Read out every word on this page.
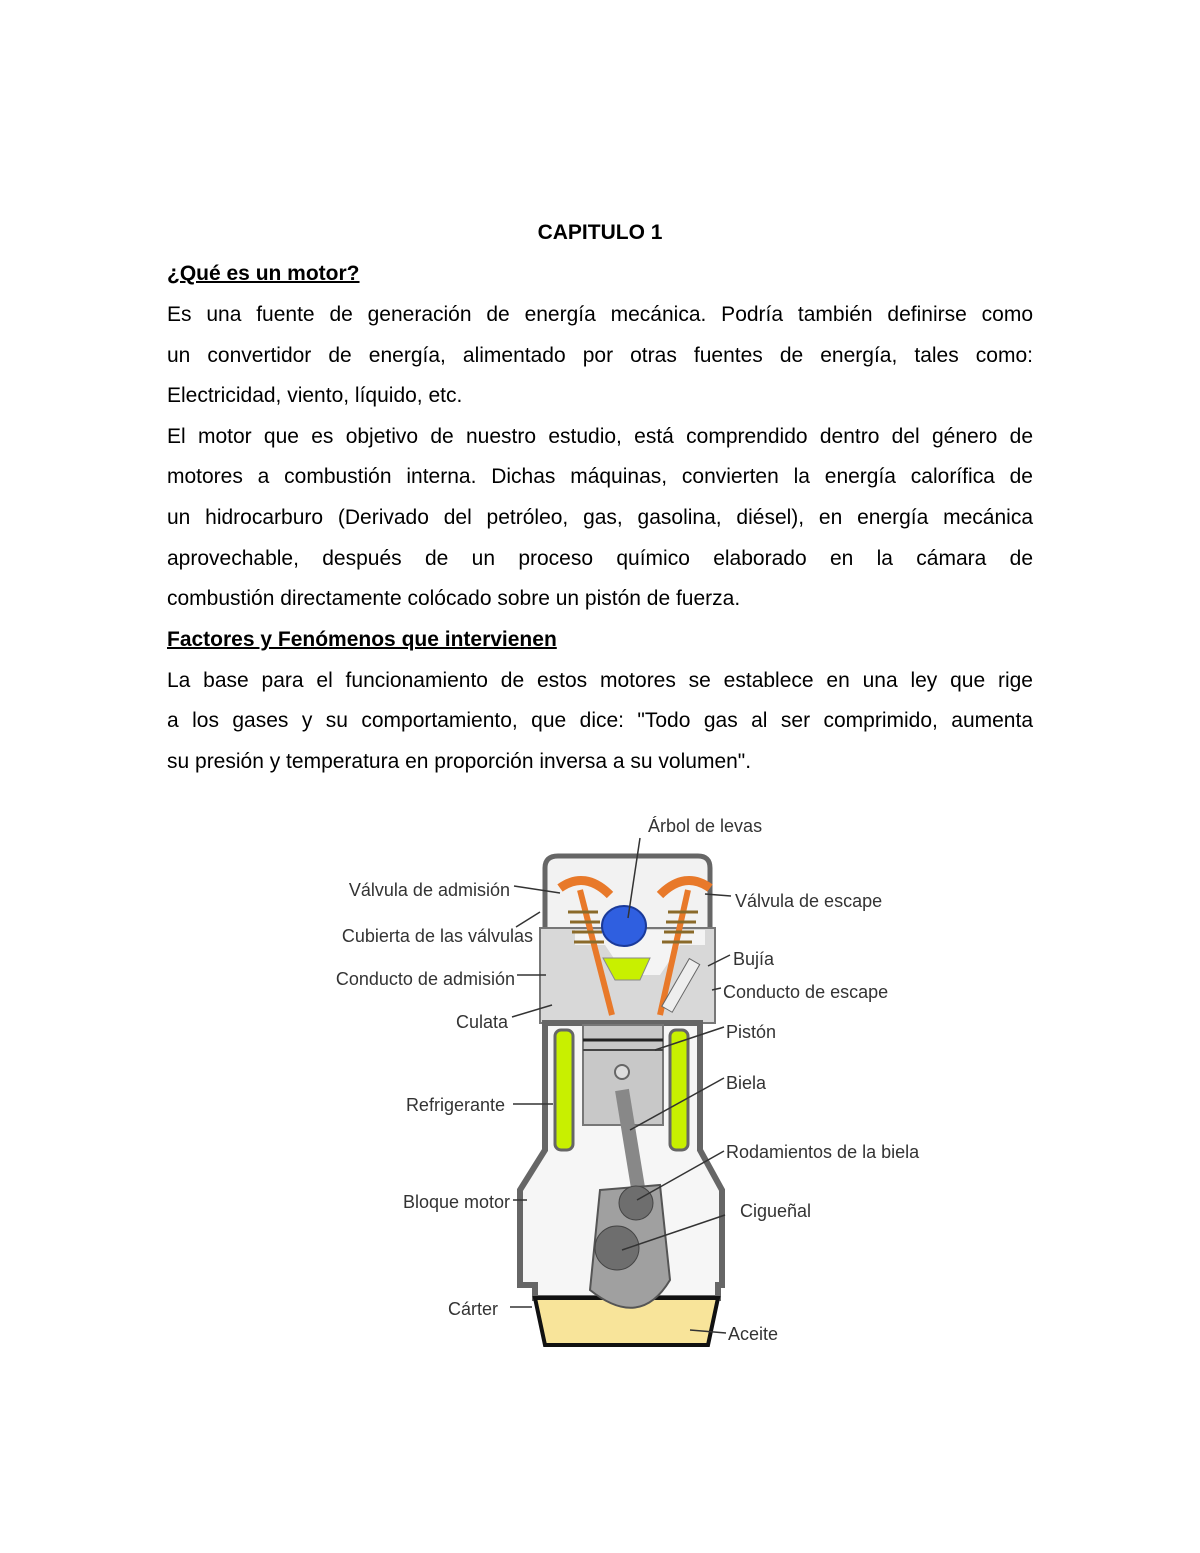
CAPITULO 1
¿Qué es un motor?
Es una fuente de generación de energía mecánica. Podría también definirse como
un convertidor de energía, alimentado por otras fuentes de energía, tales como:
Electricidad, viento, líquido, etc.
El motor que es objetivo de nuestro estudio, está comprendido dentro del género de
motores a combustión interna. Dichas máquinas, convierten la energía calorífica de
un hidrocarburo (Derivado del petróleo, gas, gasolina, diésel), en energía mecánica
aprovechable, después de un proceso químico elaborado en la cámara de
combustión directamente colócado sobre un pistón de fuerza.
Factores y Fenómenos que intervienen
La base para el funcionamiento de estos motores se establece en una ley que rige
a los gases y su comportamiento, que dice: "Todo gas al ser comprimido, aumenta
su presión y temperatura en proporción inversa a su volumen".
Árbol de levas
Válvula de admisión
Cubierta de las válvulas
Conducto de admisión
Culata
Refrigerante
Bloque motor
Cárter
Válvula de escape
Bujía
Conducto de escape
Pistón
Biela
Rodamientos de la biela
Cigueñal
Aceite
